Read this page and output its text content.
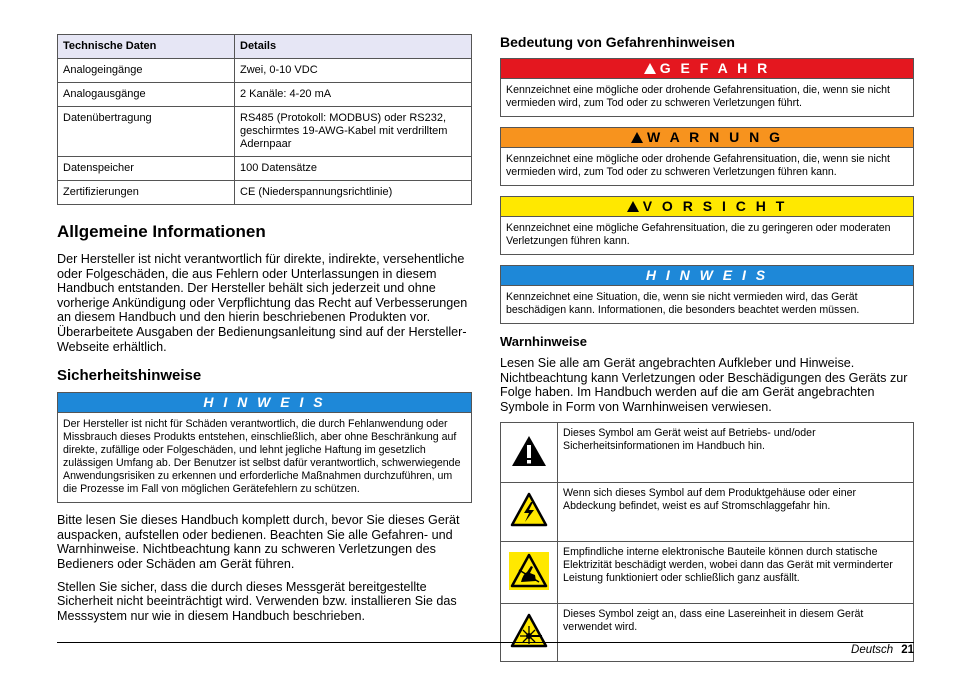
Technische Daten	Details
Analogeingänge	Zwei, 0-10 VDC
Analogausgänge	2 Kanäle: 4-20 mA
Datenübertragung	RS485 (Protokoll: MODBUS) oder RS232, geschirmtes 19-AWG-Kabel mit verdrilltem Adernpaar
Datenspeicher	100 Datensätze
Zertifizierungen	CE (Niederspannungsrichtlinie)
Allgemeine Informationen

Der Hersteller ist nicht verantwortlich für direkte, indirekte, versehentliche oder Folgeschäden, die aus Fehlern oder Unterlassungen in diesem Handbuch entstanden. Der Hersteller behält sich jederzeit und ohne vorherige Ankündigung oder Verpflichtung das Recht auf Verbesserungen an diesem Handbuch und den hierin beschriebenen Produkten vor. Überarbeitete Ausgaben der Bedienungsanleitung sind auf der Hersteller-Webseite erhältlich.

Sicherheitshinweise
H I N W E I S
Der Hersteller ist nicht für Schäden verantwortlich, die durch Fehlanwendung oder Missbrauch dieses Produkts entstehen, einschließlich, aber ohne Beschränkung auf direkte, zufällige oder Folgeschäden, und lehnt jegliche Haftung im gesetzlich zulässigen Umfang ab. Der Benutzer ist selbst dafür verantwortlich, schwerwiegende Anwendungsrisiken zu erkennen und erforderliche Maßnahmen durchzuführen, um die Prozesse im Fall von möglichen Gerätefehlern zu schützen.

Bitte lesen Sie dieses Handbuch komplett durch, bevor Sie dieses Gerät auspacken, aufstellen oder bedienen. Beachten Sie alle Gefahren- und Warnhinweise. Nichtbeachtung kann zu schweren Verletzungen des Bedieners oder Schäden am Gerät führen.

Stellen Sie sicher, dass die durch dieses Messgerät bereitgestellte Sicherheit nicht beeinträchtigt wird. Verwenden bzw. installieren Sie das Messsystem nur wie in diesem Handbuch beschrieben.

Bedeutung von Gefahrenhinweisen
G E F A H R
Kennzeichnet eine mögliche oder drohende Gefahrensituation, die, wenn sie nicht vermieden wird, zum Tod oder zu schweren Verletzungen führt.
W A R N U N G
Kennzeichnet eine mögliche oder drohende Gefahrensituation, die, wenn sie nicht vermieden wird, zum Tod oder zu schweren Verletzungen führen kann.
V O R S I C H T
Kennzeichnet eine mögliche Gefahrensituation, die zu geringeren oder moderaten Verletzungen führen kann.
H I N W E I S
Kennzeichnet eine Situation, die, wenn sie nicht vermieden wird, das Gerät beschädigen kann. Informationen, die besonders beachtet werden müssen.
Warnhinweise

Lesen Sie alle am Gerät angebrachten Aufkleber und Hinweise. Nichtbeachtung kann Verletzungen oder Beschädigungen des Geräts zur Folge haben. Im Handbuch werden auf die am Gerät angebrachten Symbole in Form von Warnhinweisen verwiesen.

	Dieses Symbol am Gerät weist auf Betriebs- und/oder Sicherheitsinformationen im Handbuch hin.
	Wenn sich dieses Symbol auf dem Produktgehäuse oder einer Abdeckung befindet, weist es auf Stromschlaggefahr hin.
	Empfindliche interne elektronische Bauteile können durch statische Elektrizität beschädigt werden, wobei dann das Gerät mit verminderter Leistung funktioniert oder schließlich ganz ausfällt.
	Dieses Symbol zeigt an, dass eine Lasereinheit in diesem Gerät verwendet wird.
Deutsch 21
